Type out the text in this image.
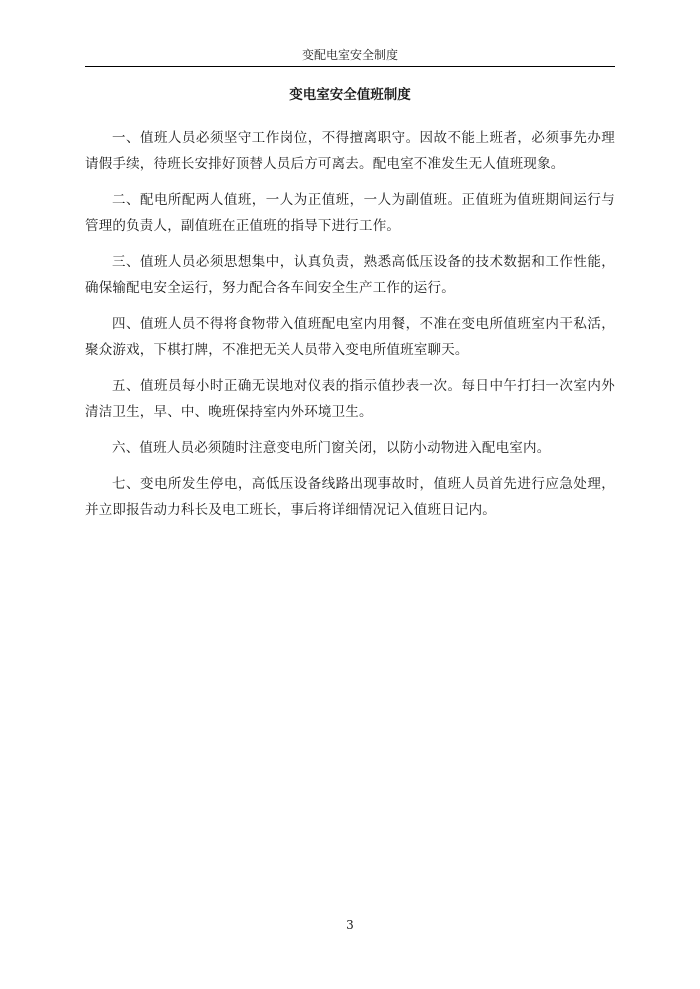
变配电室安全制度
变电室安全值班制度

一、值班人员必须坚守工作岗位，不得擅离职守。因故不能上班者，必须事先办理请假手续，待班长安排好顶替人员后方可离去。配电室不准发生无人值班现象。

二、配电所配两人值班，一人为正值班，一人为副值班。正值班为值班期间运行与管理的负责人，副值班在正值班的指导下进行工作。

三、值班人员必须思想集中，认真负责，熟悉高低压设备的技术数据和工作性能，确保输配电安全运行，努力配合各车间安全生产工作的运行。

四、值班人员不得将食物带入值班配电室内用餐，不准在变电所值班室内干私活，聚众游戏，下棋打牌，不准把无关人员带入变电所值班室聊天。

五、值班员每小时正确无误地对仪表的指示值抄表一次。每日中午打扫一次室内外清洁卫生，早、中、晚班保持室内外环境卫生。

六、值班人员必须随时注意变电所门窗关闭，以防小动物进入配电室内。

七、变电所发生停电，高低压设备线路出现事故时，值班人员首先进行应急处理，并立即报告动力科长及电工班长，事后将详细情况记入值班日记内。

3
